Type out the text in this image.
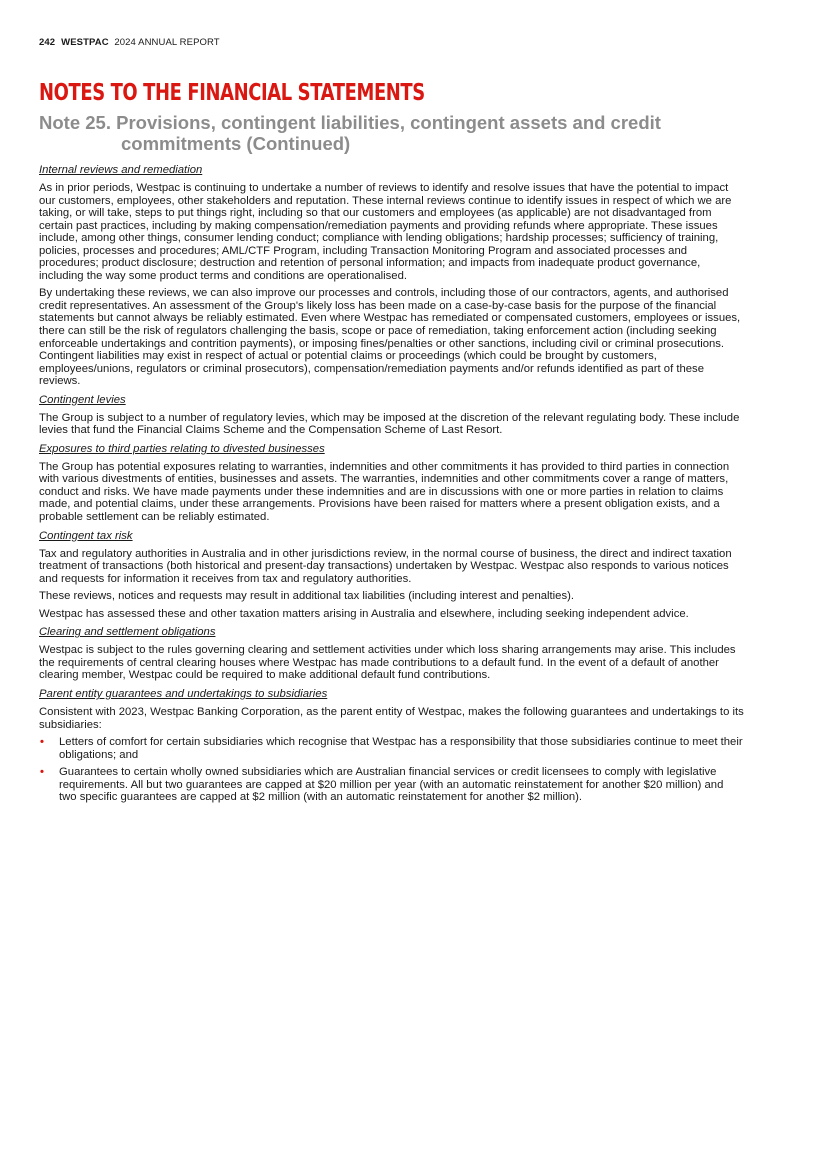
242 WESTPAC 2024 ANNUAL REPORT
NOTES TO THE FINANCIAL STATEMENTS
Note 25. Provisions, contingent liabilities, contingent assets and credit
commitments (Continued)
Internal reviews and remediation

As in prior periods, Westpac is continuing to undertake a number of reviews to identify and resolve issues that have the potential to impact our customers, employees, other stakeholders and reputation. These internal reviews continue to identify issues in respect of which we are taking, or will take, steps to put things right, including so that our customers and employees (as applicable) are not disadvantaged from certain past practices, including by making compensation/remediation payments and providing refunds where appropriate. These issues include, among other things, consumer lending conduct; compliance with lending obligations; hardship processes; sufficiency of training, policies, processes and procedures; AML/CTF Program, including Transaction Monitoring Program and associated processes and procedures; product disclosure; destruction and retention of personal information; and impacts from inadequate product governance, including the way some product terms and conditions are operationalised.

By undertaking these reviews, we can also improve our processes and controls, including those of our contractors, agents, and authorised credit representatives. An assessment of the Group's likely loss has been made on a case-by-case basis for the purpose of the financial statements but cannot always be reliably estimated. Even where Westpac has remediated or compensated customers, employees or issues, there can still be the risk of regulators challenging the basis, scope or pace of remediation, taking enforcement action (including seeking enforceable undertakings and contrition payments), or imposing fines/penalties or other sanctions, including civil or criminal prosecutions. Contingent liabilities may exist in respect of actual or potential claims or proceedings (which could be brought by customers, employees/unions, regulators or criminal prosecutors), compensation/remediation payments and/or refunds identified as part of these reviews.

Contingent levies

The Group is subject to a number of regulatory levies, which may be imposed at the discretion of the relevant regulating body. These include levies that fund the Financial Claims Scheme and the Compensation Scheme of Last Resort.

Exposures to third parties relating to divested businesses

The Group has potential exposures relating to warranties, indemnities and other commitments it has provided to third parties in connection with various divestments of entities, businesses and assets. The warranties, indemnities and other commitments cover a range of matters, conduct and risks. We have made payments under these indemnities and are in discussions with one or more parties in relation to claims made, and potential claims, under these arrangements. Provisions have been raised for matters where a present obligation exists, and a probable settlement can be reliably estimated.

Contingent tax risk

Tax and regulatory authorities in Australia and in other jurisdictions review, in the normal course of business, the direct and indirect taxation treatment of transactions (both historical and present-day transactions) undertaken by Westpac. Westpac also responds to various notices and requests for information it receives from tax and regulatory authorities.

These reviews, notices and requests may result in additional tax liabilities (including interest and penalties).

Westpac has assessed these and other taxation matters arising in Australia and elsewhere, including seeking independent advice.

Clearing and settlement obligations

Westpac is subject to the rules governing clearing and settlement activities under which loss sharing arrangements may arise. This includes the requirements of central clearing houses where Westpac has made contributions to a default fund. In the event of a default of another clearing member, Westpac could be required to make additional default fund contributions.

Parent entity guarantees and undertakings to subsidiaries

Consistent with 2023, Westpac Banking Corporation, as the parent entity of Westpac, makes the following guarantees and undertakings to its subsidiaries:

• Letters of comfort for certain subsidiaries which recognise that Westpac has a responsibility that those subsidiaries continue to meet their obligations; and
• Guarantees to certain wholly owned subsidiaries which are Australian financial services or credit licensees to comply with legislative requirements. All but two guarantees are capped at $20 million per year (with an automatic reinstatement for another $20 million) and two specific guarantees are capped at $2 million (with an automatic reinstatement for another $2 million).
